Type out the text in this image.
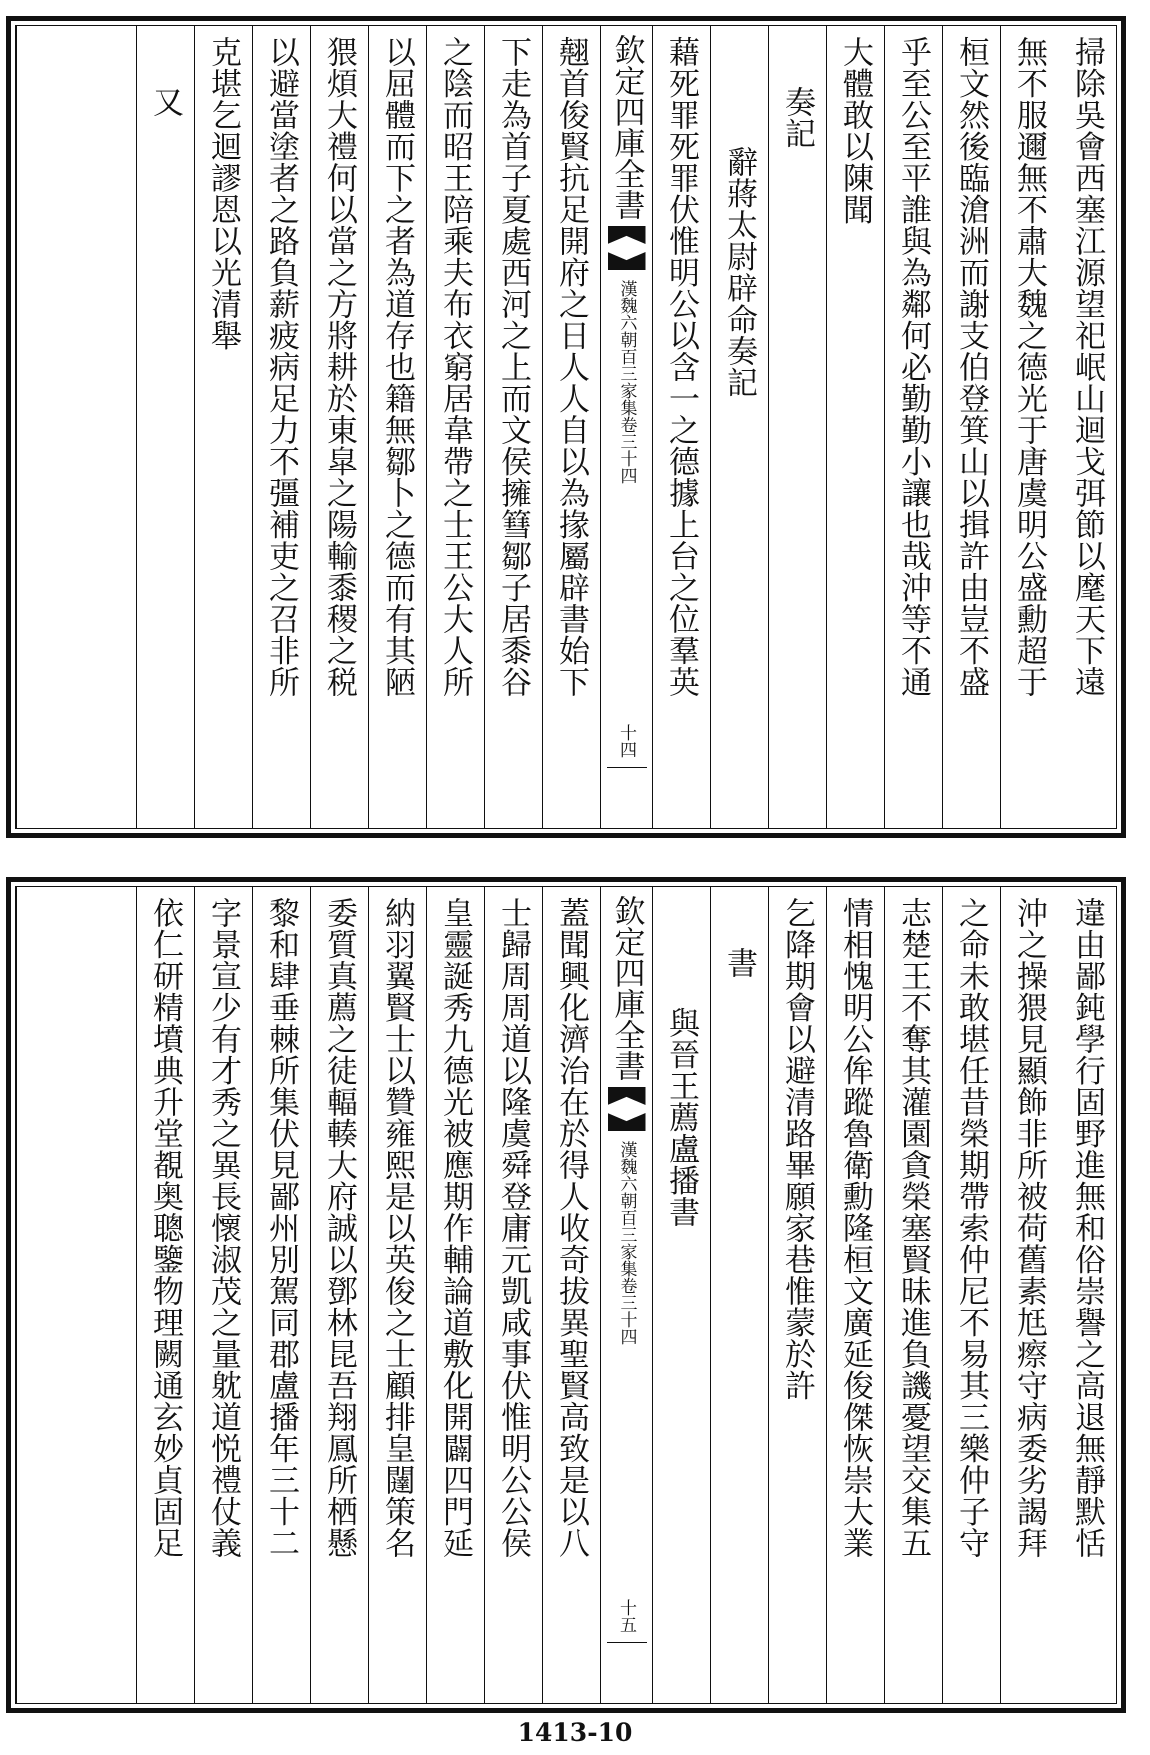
掃除吳會西塞江源望祀岷山迴戈弭節以麾天下遠
無不服邇無不肅大魏之德光于唐虞明公盛勳超于
桓文然後臨滄洲而謝支伯登箕山以揖許由豈不盛
乎至公至平誰與為鄰何必勤勤小讓也哉沖等不通
大體敢以陳聞
奏記
辭蔣太尉辟命奏記
藉死罪死罪伏惟明公以含一之德據上台之位羣英
欽定四庫全書
漢魏六朝百三家集卷三十四
十四
翹首俊賢抗足開府之日人人自以為掾屬辟書始下
下走為首子夏處西河之上而文侯擁篲鄒子居黍谷
之陰而昭王陪乘夫布衣窮居韋帶之士王公大人所
以屈體而下之者為道存也籍無鄒卜之德而有其陋
猥煩大禮何以當之方將耕於東皐之陽輸黍稷之税
以避當塗者之路負薪疲病足力不彊補吏之召非所
克堪乞迴謬恩以光清舉
又
違由鄙鈍學行固野進無和俗崇譽之高退無靜默恬
沖之操猥見顯飾非所被荷舊素尪瘵守病委劣謁拜
之命未敢堪任昔榮期帶索仲尼不易其三樂仲子守
志楚王不奪其灌園貪榮塞賢昧進負譏憂望交集五
情相愧明公侔蹤魯衛勳隆桓文廣延俊傑恢崇大業
乞降期會以避清路畢願家巷惟蒙於許
書
與晉王薦盧播書
欽定四庫全書
漢魏六朝百三家集卷三十四
十五
蓋聞興化濟治在於得人收奇拔異聖賢高致是以八
士歸周周道以隆虞舜登庸元凱咸事伏惟明公公侯
皇靈誕秀九德光被應期作輔論道敷化開闢四門延
納羽翼賢士以贊雍熙是以英俊之士顧排皇闥策名
委質真薦之徒輻輳大府誠以鄧林昆吾翔鳳所栖懸
黎和肆垂棘所集伏見鄙州別駕同郡盧播年三十二
字景宣少有才秀之異長懷淑茂之量躭道悦禮仗義
依仁研精墳典升堂覩奥聰鑒物理闕通玄妙貞固足
1413-10
